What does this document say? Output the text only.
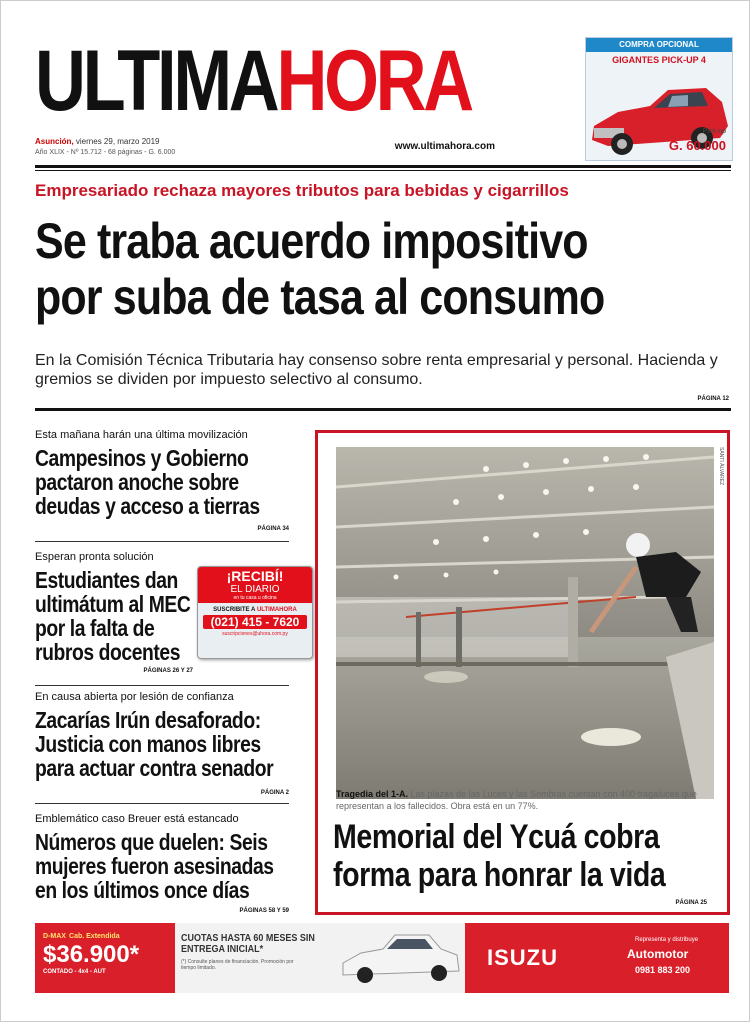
ULTIMAHORA
Asunción, viernes 29, marzo 2019
Año XLIX - Nº 15.712 - 68 páginas - G. 6.000
www.ultimahora.com
COMPRA OPCIONAL
GIGANTES PICK-UP 4
Pick-up
G. 60.000
Empresariado rechaza mayores tributos para bebidas y cigarrillos
Se traba acuerdo impositivo
por suba de tasa al consumo
En la Comisión Técnica Tributaria hay consenso sobre renta empresarial y personal. Hacienda y gremios se dividen por impuesto selectivo al consumo.
PÁGINA 12
Esta mañana harán una última movilización
Campesinos y Gobierno pactaron anoche sobre deudas y acceso a tierras
PÁGINA 34
Esperan pronta solución
Estudiantes dan ultimátum al MEC por la falta de rubros docentes
PÁGINAS 26 Y 27
¡RECIBÍ!
EL DIARIO
en tu casa u oficina
SUSCRIBITE A ULTIMAHORA
(021) 415 - 7620
suscripciones@uhora.com.py
En causa abierta por lesión de confianza
Zacarías Irún desaforado: Justicia con manos libres para actuar contra senador
PÁGINA 2
Emblemático caso Breuer está estancado
Números que duelen: Seis mujeres fueron asesinadas en los últimos once días
PÁGINAS 58 Y 59
SANTI ÁLVAREZ
Tragedia del 1-A. Las plazas de las Luces y las Sombras cuentan con 400 tragaluces que representan a los fallecidos. Obra está en un 77%.
Memorial del Ycuá cobra forma para honrar la vida
PÁGINA 25
D-MAX Cab. Extendida
$36.900*
CONTADO - 4x4 - AUT
CUOTAS HASTA 60 MESES SIN ENTREGA INICIAL*
(*) Consulte planes de financiación. Promoción por tiempo limitado.	ISUZU
Representa y distribuye
Automotor
0981 883 200
